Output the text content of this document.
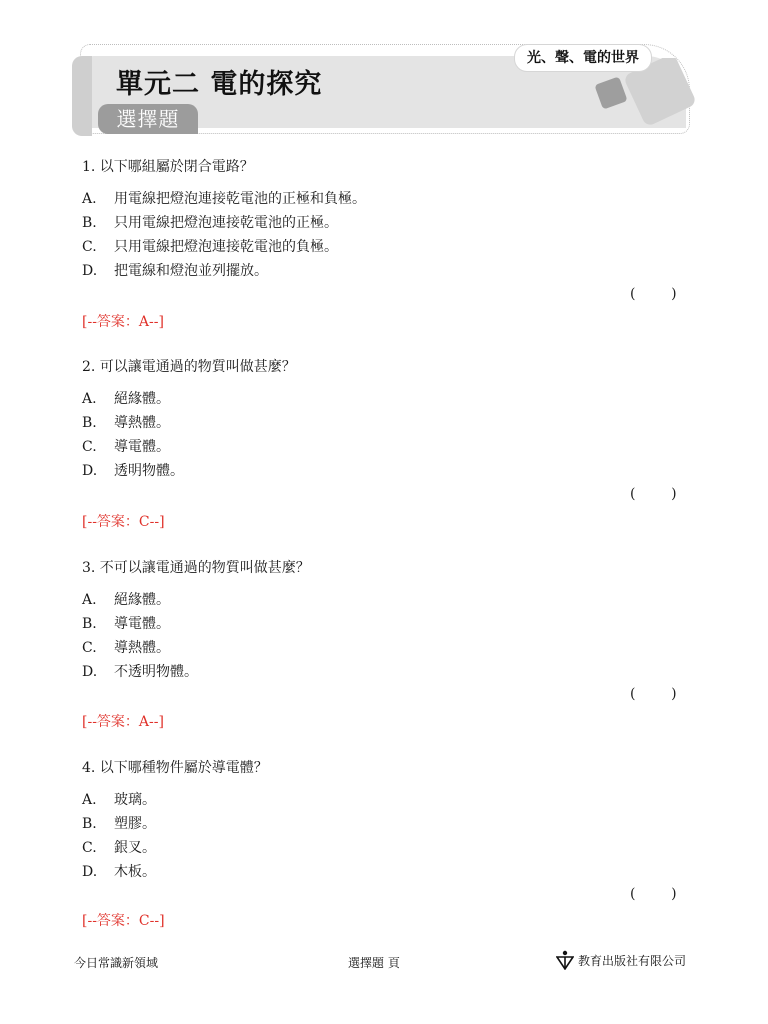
單元二 電的探究
選擇題
光、聲、電的世界
1. 以下哪組屬於閉合電路？
A. 用電線把燈泡連接乾電池的正極和負極。
B. 只用電線把燈泡連接乾電池的正極。
C. 只用電線把燈泡連接乾電池的負極。
D. 把電線和燈泡並列擺放。
(        )
[--答案：A--]
2. 可以讓電通過的物質叫做甚麼？
A. 絕緣體。
B. 導熱體。
C. 導電體。
D. 透明物體。
(        )
[--答案：C--]
3. 不可以讓電通過的物質叫做甚麼？
A. 絕緣體。
B. 導電體。
C. 導熱體。
D. 不透明物體。
(        )
[--答案：A--]
4. 以下哪種物件屬於導電體？
A. 玻璃。
B. 塑膠。
C. 銀叉。
D. 木板。
(        )
[--答案：C--]
今日常識新領域	選擇題 頁	教育出版社有限公司
